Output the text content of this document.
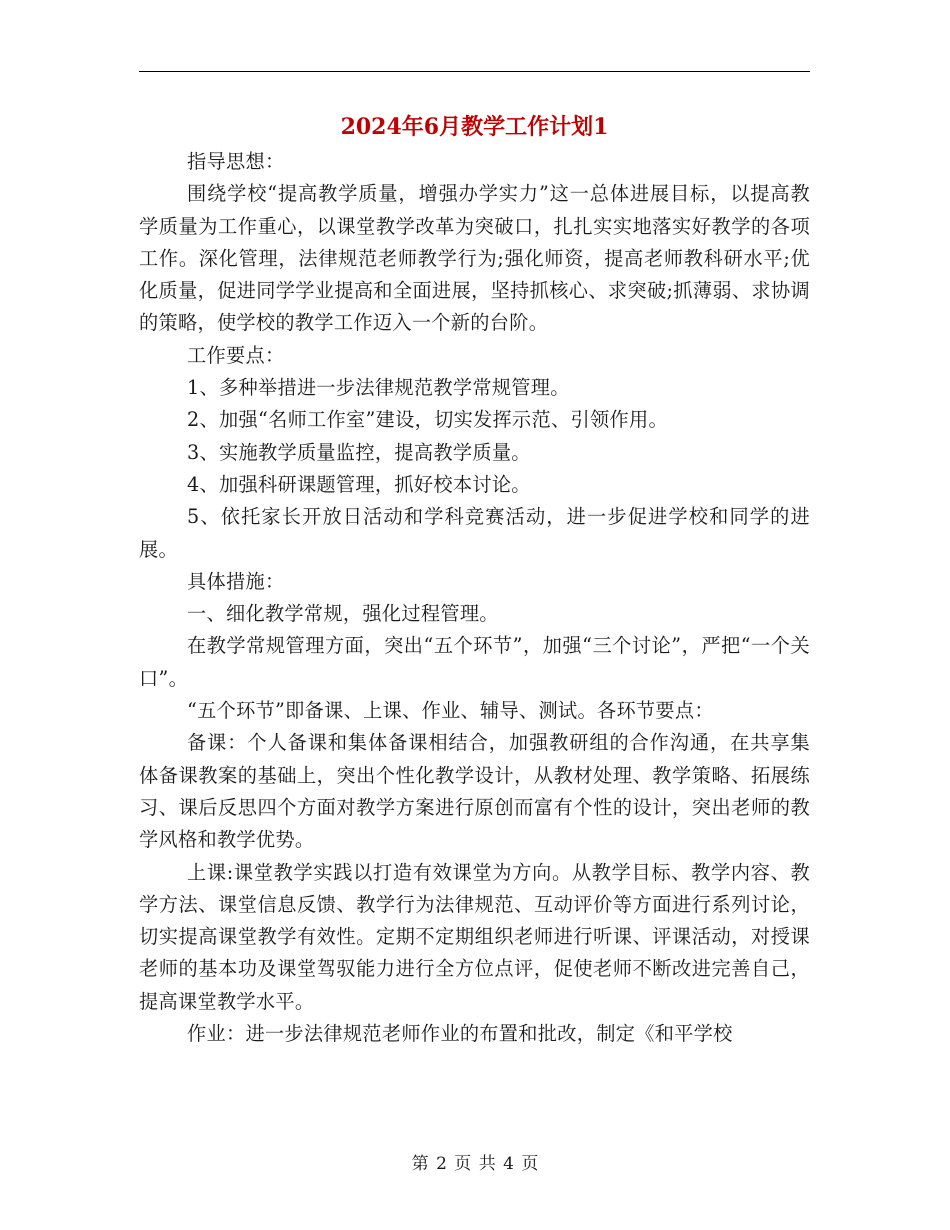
2024年6月教学工作计划1

指导思想：

围绕学校“提高教学质量，增强办学实力”这一总体进展目标，以提高教学质量为工作重心，以课堂教学改革为突破口，扎扎实实地落实好教学的各项工作。深化管理，法律规范老师教学行为;强化师资，提高老师教科研水平;优化质量，促进同学学业提高和全面进展，坚持抓核心、求突破;抓薄弱、求协调的策略，使学校的教学工作迈入一个新的台阶。

工作要点：

1、多种举措进一步法律规范教学常规管理。

2、加强“名师工作室”建设，切实发挥示范、引领作用。

3、实施教学质量监控，提高教学质量。

4、加强科研课题管理，抓好校本讨论。

5、依托家长开放日活动和学科竞赛活动，进一步促进学校和同学的进展。

具体措施：

一、细化教学常规，强化过程管理。

在教学常规管理方面，突出“五个环节”，加强“三个讨论”，严把“一个关口”。

“五个环节”即备课、上课、作业、辅导、测试。各环节要点：

备课：个人备课和集体备课相结合，加强教研组的合作沟通，在共享集体备课教案的基础上，突出个性化教学设计，从教材处理、教学策略、拓展练习、课后反思四个方面对教学方案进行原创而富有个性的设计，突出老师的教学风格和教学优势。

上课:课堂教学实践以打造有效课堂为方向。从教学目标、教学内容、教学方法、课堂信息反馈、教学行为法律规范、互动评价等方面进行系列讨论，切实提高课堂教学有效性。定期不定期组织老师进行听课、评课活动，对授课老师的基本功及课堂驾驭能力进行全方位点评，促使老师不断改进完善自己，提高课堂教学水平。

作业：进一步法律规范老师作业的布置和批改，制定《和平学校

第 2 页 共 4 页
